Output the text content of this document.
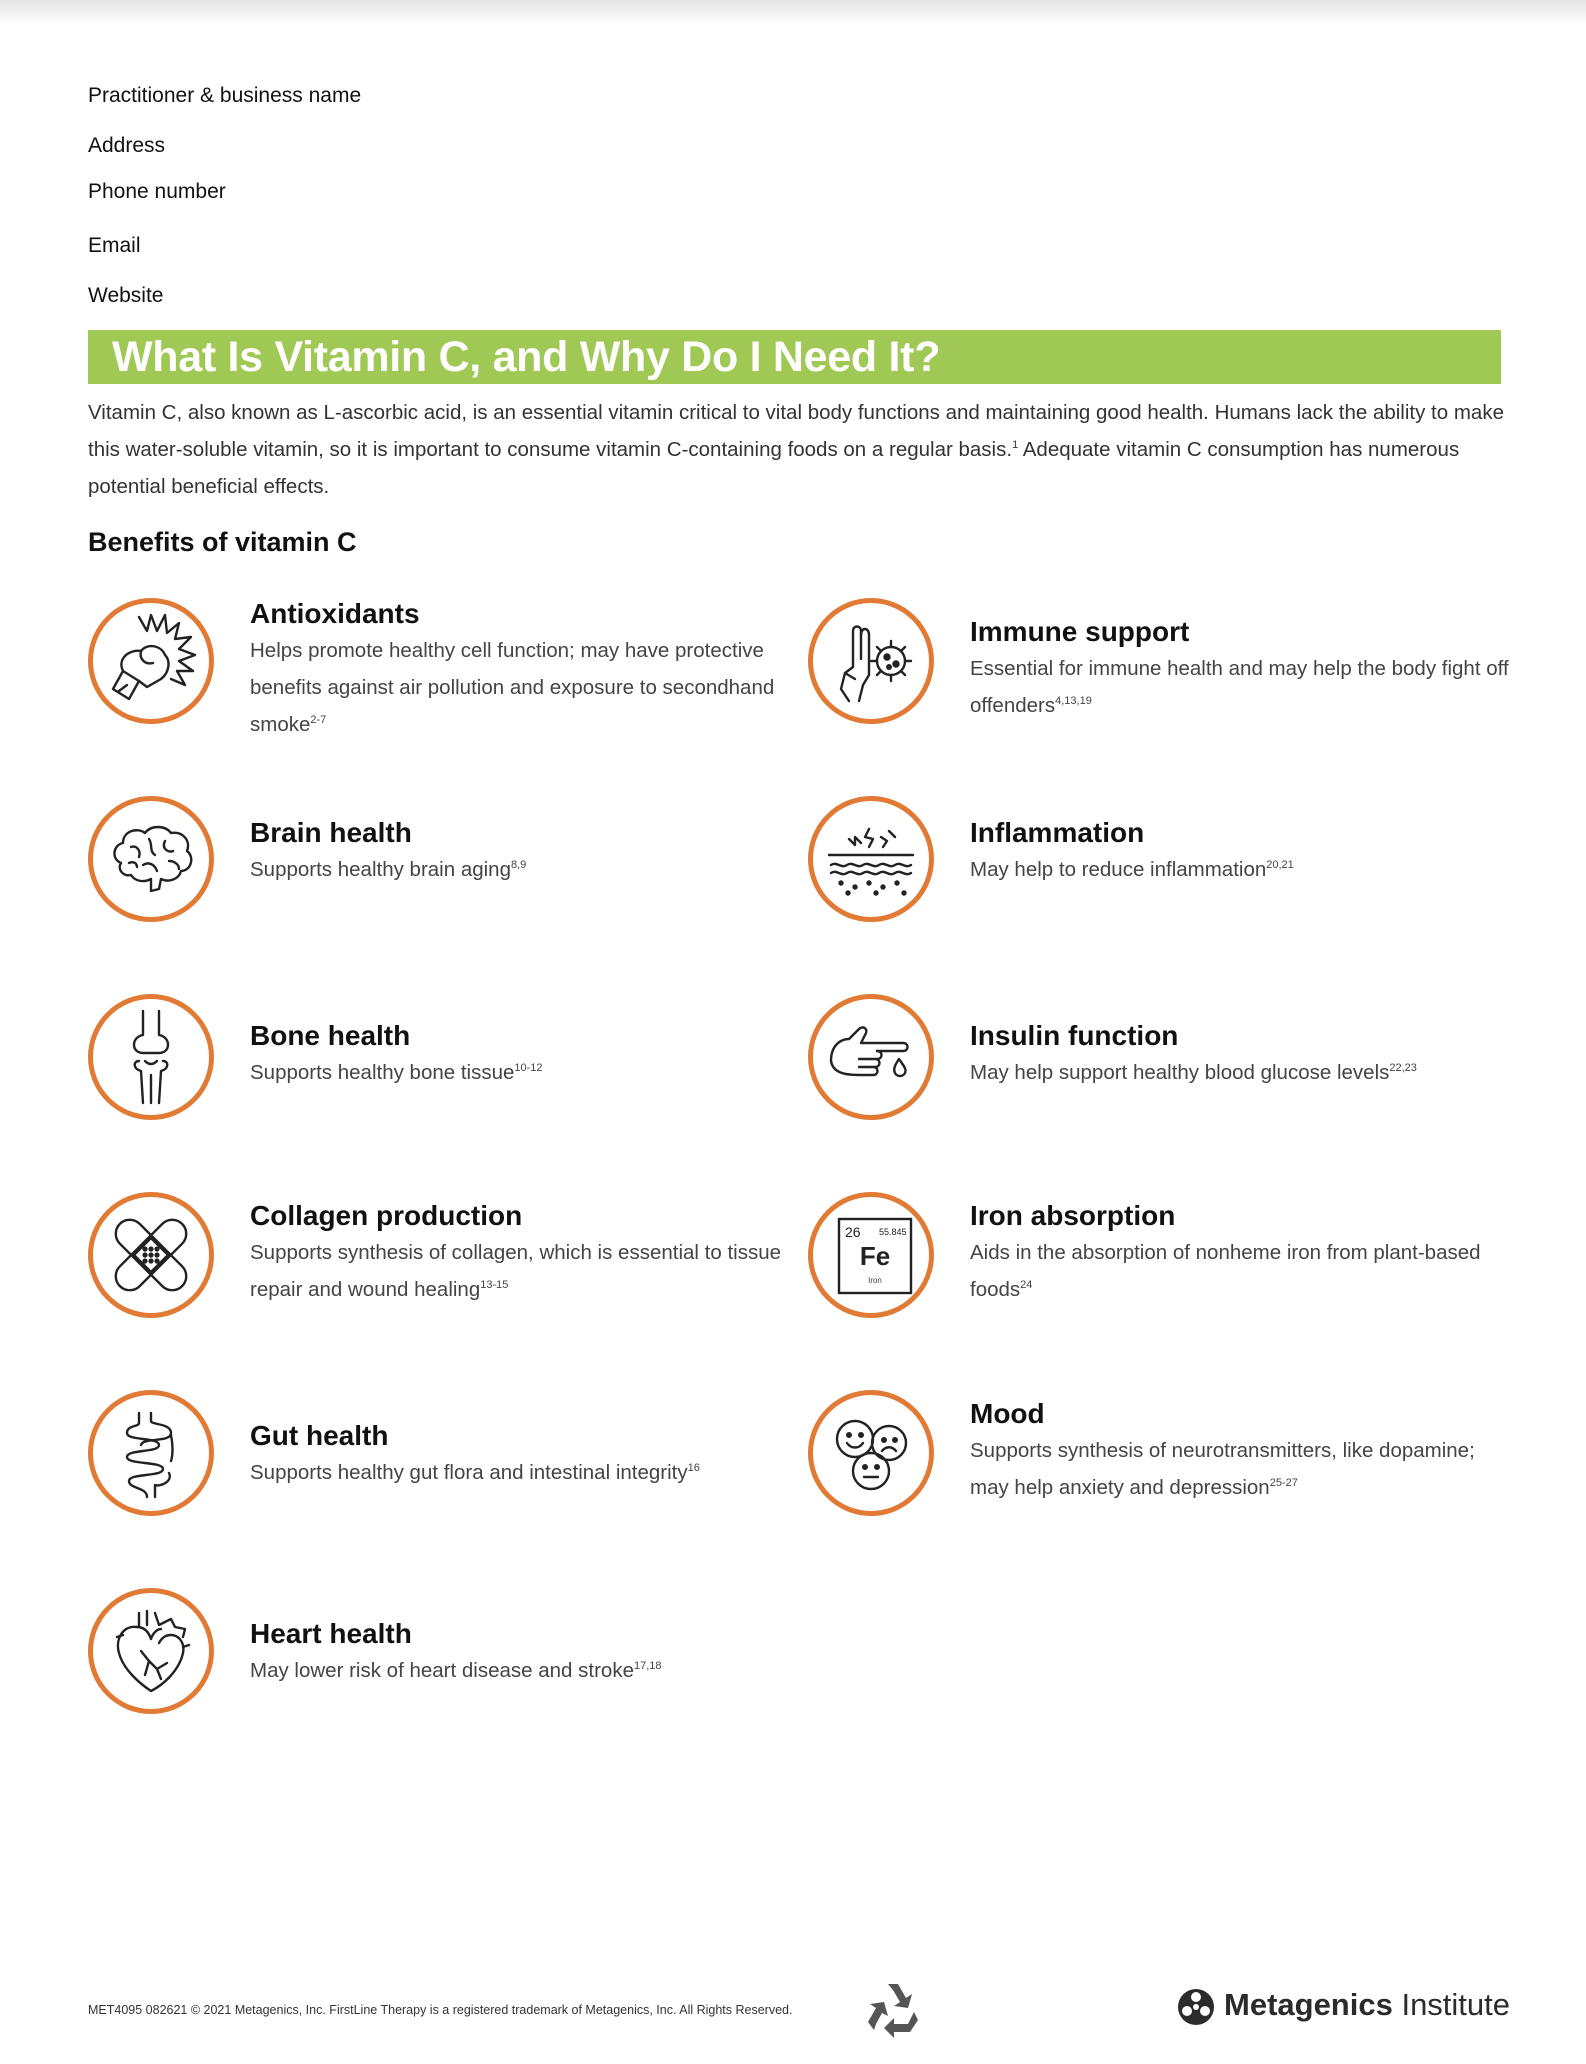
Practitioner & business name
Address
Phone number
Email
Website
What Is Vitamin C, and Why Do I Need It?

Vitamin C, also known as L-ascorbic acid, is an essential vitamin critical to vital body functions and maintaining good health. Humans lack the ability to make this water-soluble vitamin, so it is important to consume vitamin C-containing foods on a regular basis.$^1$ Adequate vitamin C consumption has numerous potential beneficial effects.

Benefits of vitamin C
Antioxidants

Helps promote healthy cell function; may have protective benefits against air pollution and exposure to secondhand smoke$^{2-7}$

Immune support

Essential for immune health and may help the body fight off offenders$^{4,13,19}$

Brain health

Supports healthy brain aging$^{8,9}$

Inflammation

May help to reduce inflammation$^{20,21}$

Bone health

Supports healthy bone tissue$^{10-12}$

Insulin function

May help support healthy blood glucose levels$^{22,23}$

Collagen production

Supports synthesis of collagen, which is essential to tissue repair and wound healing$^{13-15}$

26 55.845
Fe
Iron
Iron absorption

Aids in the absorption of nonheme iron from plant-based foods$^{24}$

Gut health

Supports healthy gut flora and intestinal integrity$^{16}$

Mood

Supports synthesis of neurotransmitters, like dopamine; may help anxiety and depression$^{25-27}$

Heart health

May lower risk of heart disease and stroke$^{17,18}$

MET4095 082621 © 2021 Metagenics, Inc. FirstLine Therapy is a registered trademark of Metagenics, Inc. All Rights Reserved.	Metagenics Institute
